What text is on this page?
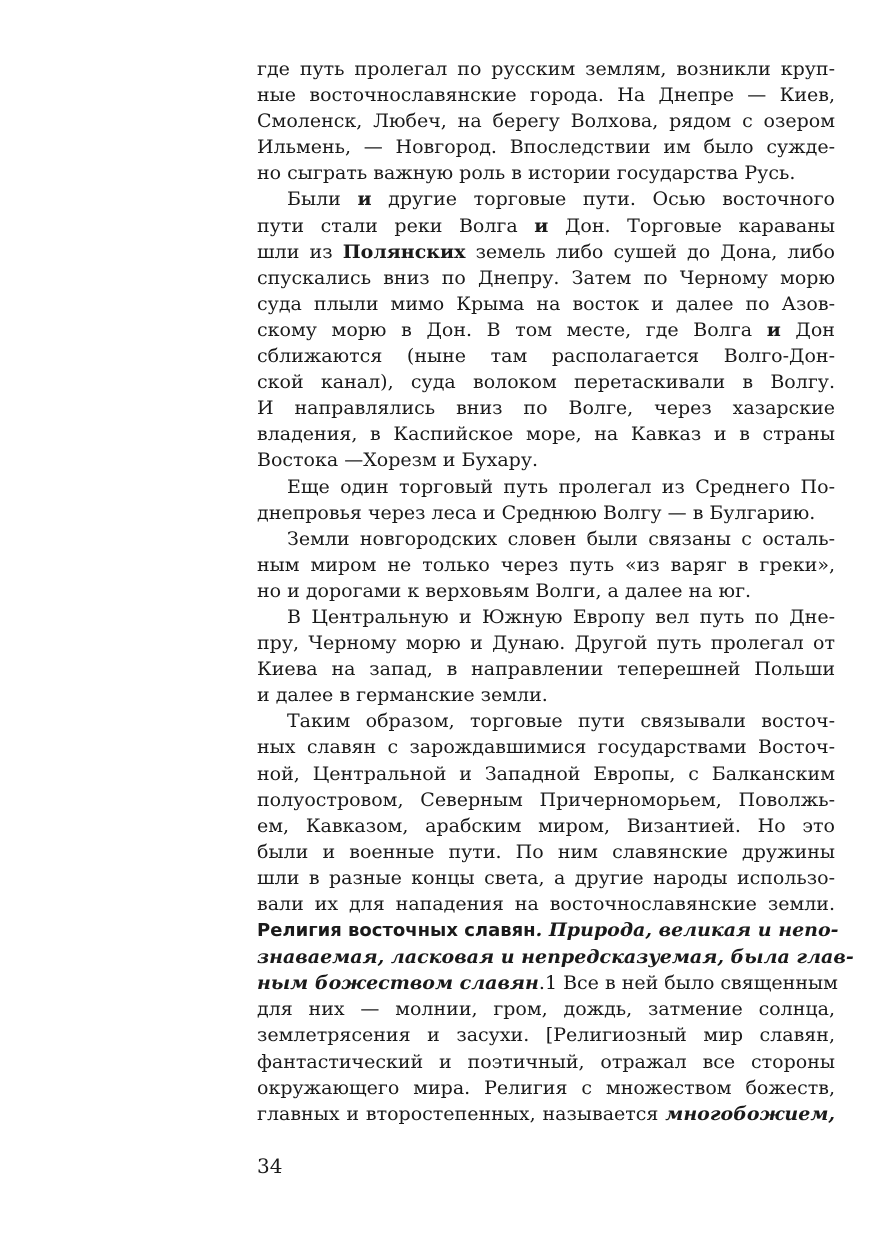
где путь пролегал по русским землям, возникли круп-
ные восточнославянские города. На Днепре — Киев,
Смоленск, Любеч, на берегу Волхова, рядом с озером
Ильмень, — Новгород. Впоследствии им было сужде-
но сыграть важную роль в истории государства Русь.
Были и другие торговые пути. Осью восточного
пути стали реки Волга и Дон. Торговые караваны
шли из Полянских земель либо сушей до Дона, либо
спускались вниз по Днепру. Затем по Черному морю
суда плыли мимо Крыма на восток и далее по Азов-
скому морю в Дон. В том месте, где Волга и Дон
сближаются (ныне там располагается Волго-Дон-
ской канал), суда волоком перетаскивали в Волгу.
И направлялись вниз по Волге, через хазарские
владения, в Каспийское море, на Кавказ и в страны
Востока —Хорезм и Бухару.
Еще один торговый путь пролегал из Среднего По-
днепровья через леса и Среднюю Волгу — в Булгарию.
Земли новгородских словен были связаны с осталь-
ным миром не только через путь «из варяг в греки»,
но и дорогами к верховьям Волги, а далее на юг.
В Центральную и Южную Европу вел путь по Дне-
пру, Черному морю и Дунаю. Другой путь пролегал от
Киева на запад, в направлении теперешней Польши
и далее в германские земли.
Таким образом, торговые пути связывали восточ-
ных славян с зарождавшимися государствами Восточ-
ной, Центральной и Западной Европы, с Балканским
полуостровом, Северным Причерноморьем, Поволжь-
ем, Кавказом, арабским миром, Византией. Но это
были и военные пути. По ним славянские дружины
шли в разные концы света, а другие народы использо-
вали их для нападения на восточнославянские земли.
Религия восточных славян. Природа, великая и непо-
знаваемая, ласковая и непредсказуемая, была глав-
ным божеством славян.1 Все в ней было священным
для них — молнии, гром, дождь, затмение солнца,
землетрясения и засухи. [Религиозный мир славян,
фантастический и поэтичный, отражал все стороны
окружающего мира. Религия с множеством божеств,
главных и второстепенных, называется многобожием,
34
